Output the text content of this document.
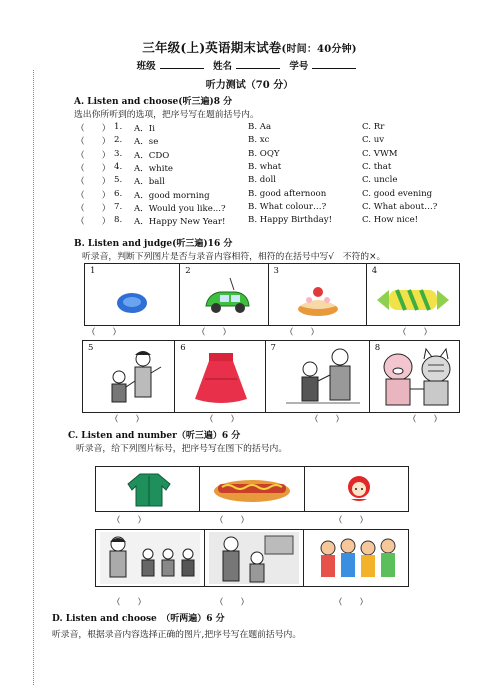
三年级(上)英语期末试卷(时间：40分钟)
班级	姓名	学号
听力测试（70 分）
A. Listen and choose(听三遍)8 分
选出你所听到的选项，把序号写在题前括号内。
（　　） 1. A．Ii	B. Aa	C. Rr
（　　） 2. A．se	B. xc	C. uv
（　　） 3. A．CDO	B. OQY	C. VWM
（　　） 4. A．white	B. what	C. that
（　　） 5. A．ball	B. doll	C. uncle
（　　） 6. A．good morning	B. good afternoon	C. good evening
（　　） 7. A．Would you like...?	B. What colour…?	C. What about…?
（　　） 8. A．Happy New Year!	B. Happy Birthday!	C. How nice!
B. Listen and judge(听三遍)16 分
听录音，判断下列图片是否与录音内容相符，相符的在括号中写√　不符的×。
1	2	3	4
（　　）	（　　）	（　　）	（　　）
5	6	7	8
（　　）	（　　）	（　　）	（　　）
C. Listen and number（听三遍）6 分
听录音，给下列图片标号，把序号写在图下的括号内。
（　　）	（　　）	（　　）
（　　）	（　　）	（　　）
D. Listen and choose　（听两遍）6 分
听录音，根据录音内容选择正确的图片,把序号写在题前括号内。
